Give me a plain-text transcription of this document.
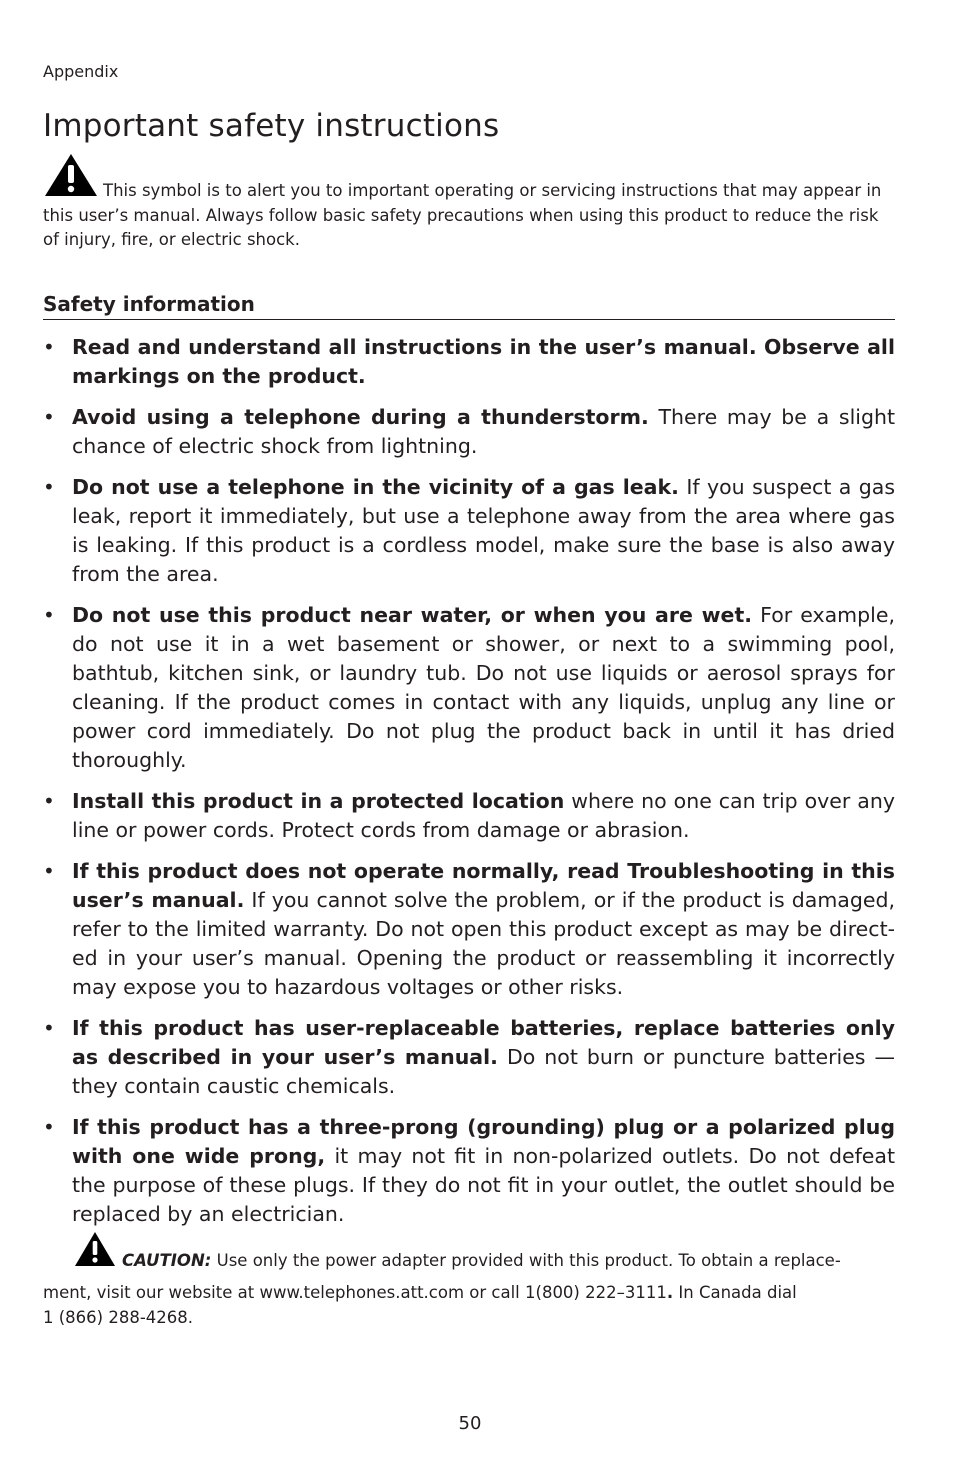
Appendix
Important safety instructions
This symbol is to alert you to important operating or servicing instructions that may appear in this user’s manual. Always follow basic safety precautions when using this product to reduce the risk of injury, fire, or electric shock.
Safety information
• Read and understand all instructions in the user’s manual. Observe all markings on the product.
• Avoid using a telephone during a thunderstorm. There may be a slight chance of electric shock from lightning.
• Do not use a telephone in the vicinity of a gas leak. If you suspect a gas leak, report it immediately, but use a telephone away from the area where gas is leaking. If this product is a cordless model, make sure the base is also away from the area.
• Do not use this product near water, or when you are wet. For example, do not use it in a wet basement or shower, or next to a swimming pool, bathtub, kitchen sink, or laundry tub. Do not use liquids or aerosol sprays for cleaning. If the product comes in contact with any liquids, unplug any line or power cord immediately. Do not plug the product back in until it has dried thoroughly.
• Install this product in a protected location where no one can trip over any line or power cords. Protect cords from damage or abrasion.
• If this product does not operate normally, read Troubleshooting in this user’s manual. If you cannot solve the problem, or if the product is damaged, refer to the limited warranty. Do not open this product except as may be direct-ed in your user’s manual. Opening the product or reassembling it incorrectly may expose you to hazardous voltages or other risks.
• If this product has user-replaceable batteries, replace batteries only as described in your user’s manual. Do not burn or puncture batteries — they contain caustic chemicals.
• If this product has a three-prong (grounding) plug or a polarized plug with one wide prong, it may not fit in non-polarized outlets. Do not defeat the purpose of these plugs. If they do not fit in your outlet, the outlet should be replaced by an electrician.
CAUTION: Use only the power adapter provided with this product. To obtain a replace-
ment, visit our website at www.telephones.att.com or call 1(800) 222–3111. In Canada dial
1 (866) 288-4268.
50
